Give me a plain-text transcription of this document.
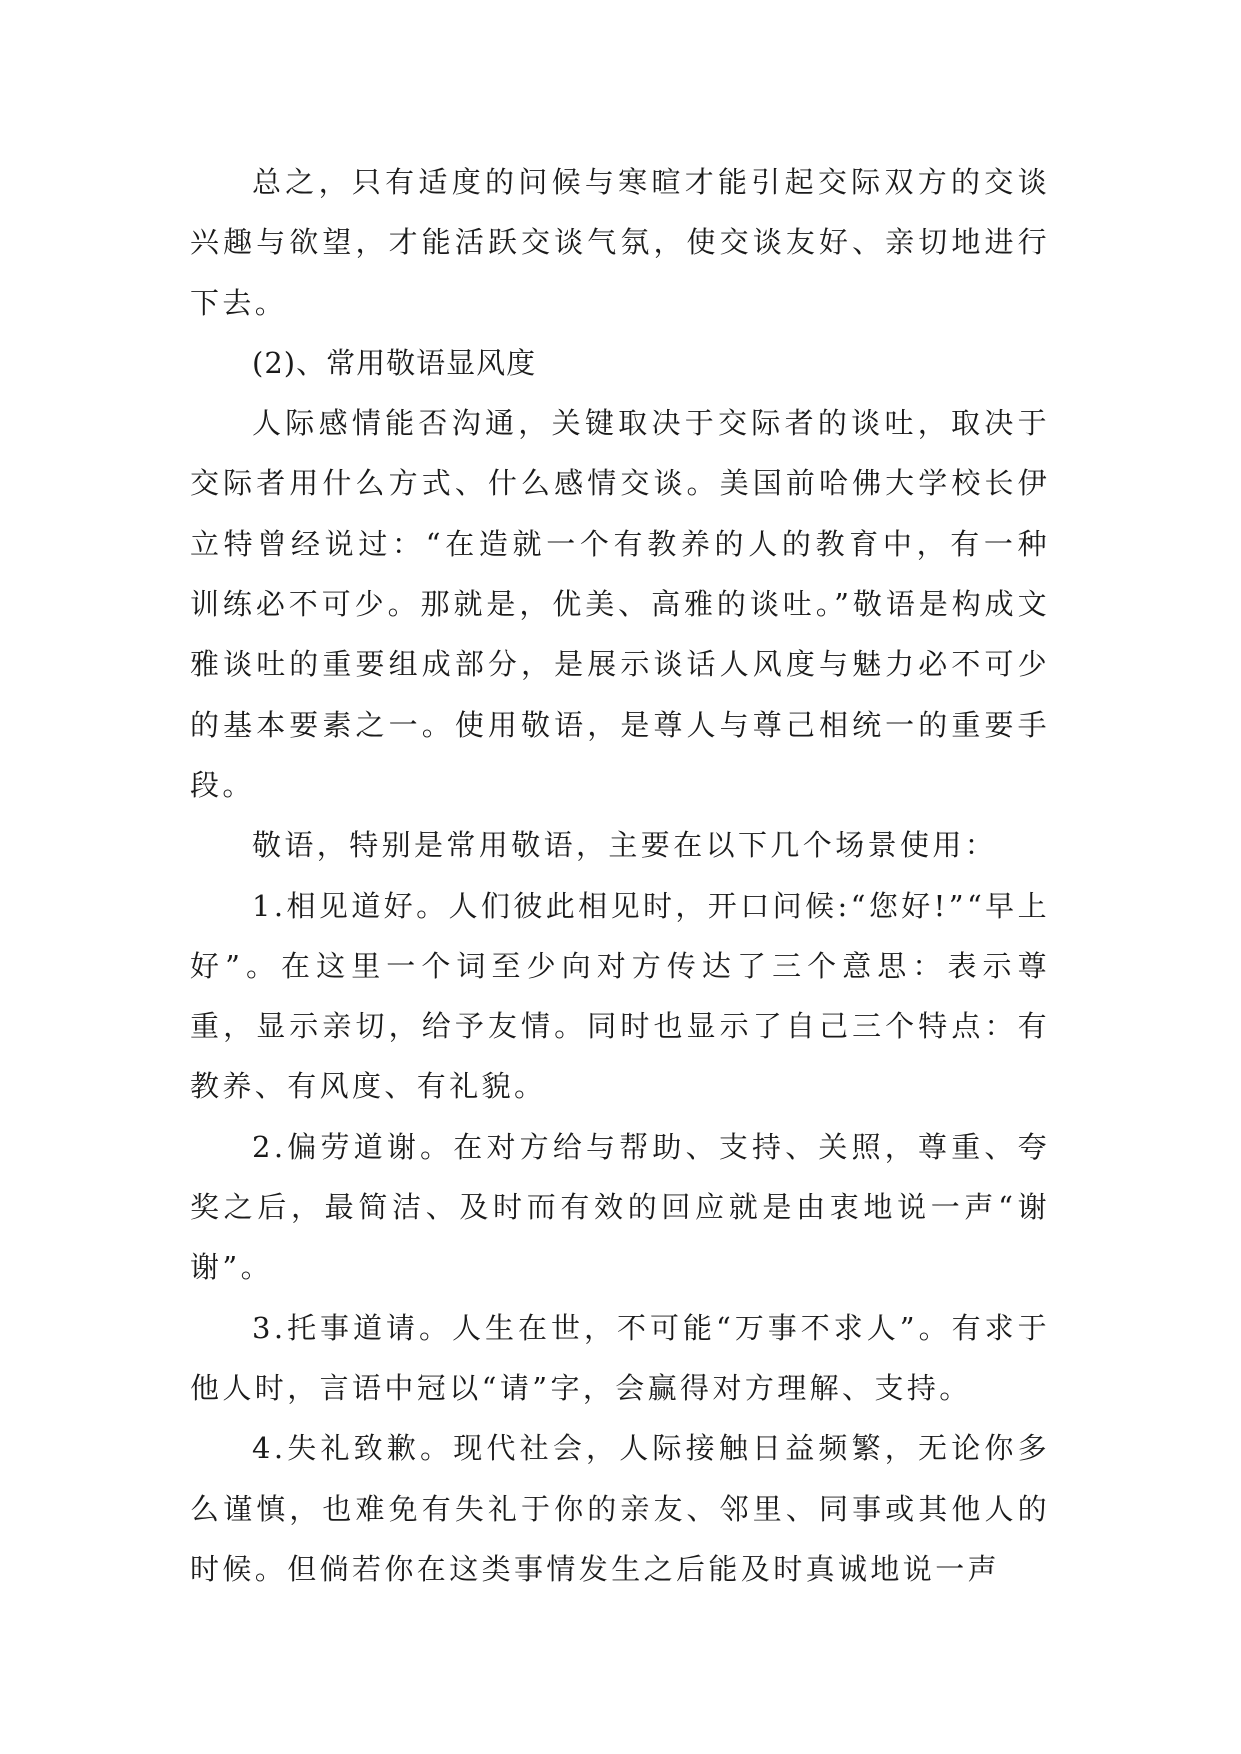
总之，只有适度的问候与寒暄才能引起交际双方的交谈兴趣与欲望，才能活跃交谈气氛，使交谈友好、亲切地进行下去。

(2)、常用敬语显风度

人际感情能否沟通，关键取决于交际者的谈吐，取决于交际者用什么方式、什么感情交谈。美国前哈佛大学校长伊立特曾经说过：“在造就一个有教养的人的教育中，有一种训练必不可少。那就是，优美、高雅的谈吐。”敬语是构成文雅谈吐的重要组成部分，是展示谈话人风度与魅力必不可少的基本要素之一。使用敬语，是尊人与尊己相统一的重要手段。

敬语，特别是常用敬语，主要在以下几个场景使用：

1.相见道好。人们彼此相见时，开口问候:“您好!”“早上好”。在这里一个词至少向对方传达了三个意思：表示尊重，显示亲切，给予友情。同时也显示了自己三个特点：有教养、有风度、有礼貌。

2.偏劳道谢。在对方给与帮助、支持、关照，尊重、夸奖之后，最简洁、及时而有效的回应就是由衷地说一声“谢谢”。

3.托事道请。人生在世，不可能“万事不求人”。有求于他人时，言语中冠以“请”字，会赢得对方理解、支持。

4.失礼致歉。现代社会，人际接触日益频繁，无论你多么谨慎，也难免有失礼于你的亲友、邻里、同事或其他人的时候。但倘若你在这类事情发生之后能及时真诚地说一声
